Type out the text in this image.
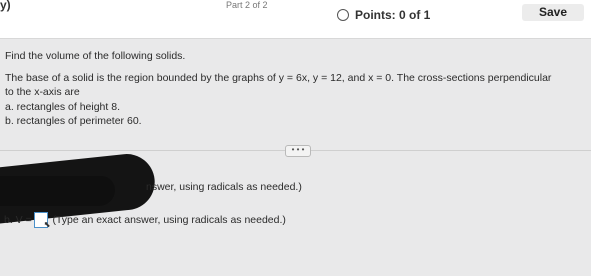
y)	Part 2 of 2
Points: 0 of 1	Save
Find the volume of the following solids.
The base of a solid is the region bounded by the graphs of y = 6x, y = 12, and x = 0. The cross-sections perpendicular
to the x-axis are
a. rectangles of height 8.
b. rectangles of perimeter 60.
• • •
nswer, using radicals as needed.)
b. V = ⬉ (Type an exact answer, using radicals as needed.)
